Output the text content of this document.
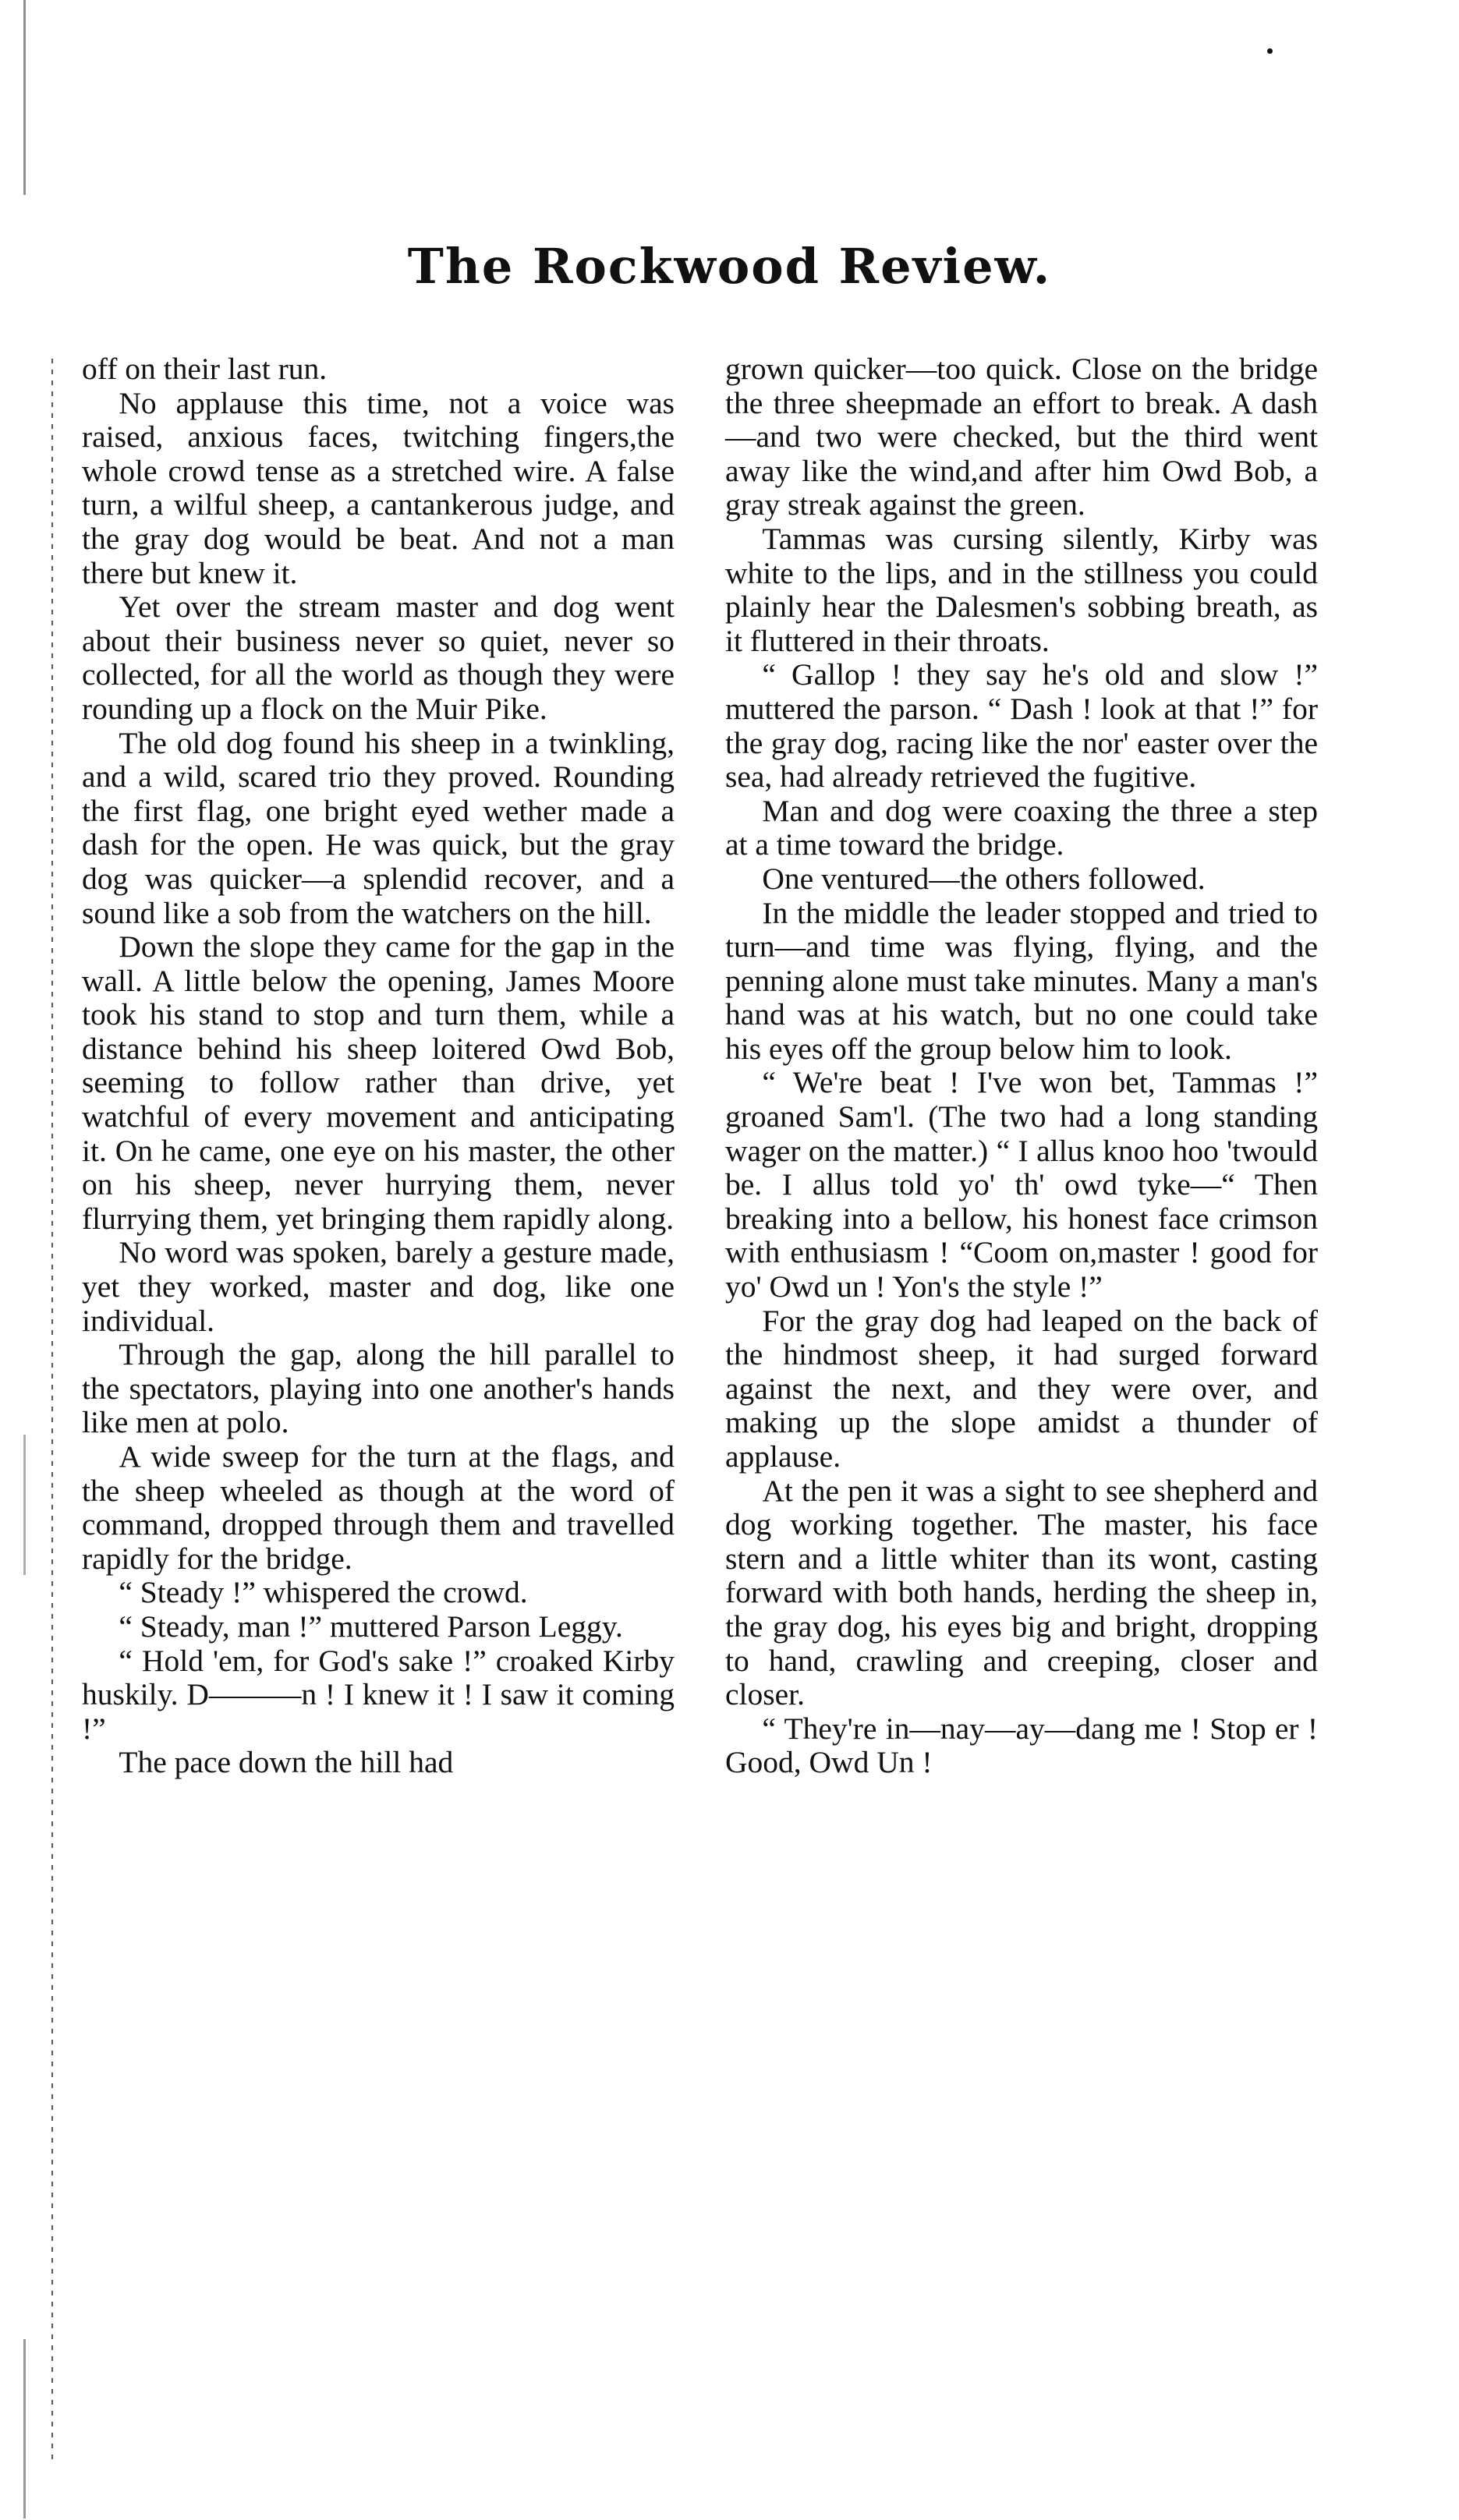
The Rockwood Review.

off on their last run.

No applause this time, not a voice was raised, anxious faces, twitching fingers,the whole crowd tense as a stretched wire. A false turn, a wilful sheep, a cantankerous judge, and the gray dog would be beat. And not a man there but knew it.

Yet over the stream master and dog went about their business never so quiet, never so collected, for all the world as though they were rounding up a flock on the Muir Pike.

The old dog found his sheep in a twinkling, and a wild, scared trio they proved. Rounding the first flag, one bright eyed wether made a dash for the open. He was quick, but the gray dog was quicker—a splendid recover, and a sound like a sob from the watchers on the hill.

Down the slope they came for the gap in the wall. A little below the opening, James Moore took his stand to stop and turn them, while a distance behind his sheep loitered Owd Bob, seeming to follow rather than drive, yet watchful of every movement and anticipating it. On he came, one eye on his master, the other on his sheep, never hurrying them, never flurrying them, yet bringing them rapidly along.

No word was spoken, barely a gesture made, yet they worked, master and dog, like one individual.

Through the gap, along the hill parallel to the spectators, playing into one another's hands like men at polo.

A wide sweep for the turn at the flags, and the sheep wheeled as though at the word of command, dropped through them and travelled rapidly for the bridge.

“ Steady !” whispered the crowd.

“ Steady, man !” muttered Parson Leggy.

“ Hold 'em, for God's sake !” croaked Kirby huskily. D———n ! I knew it ! I saw it coming !”

The pace down the hill had

grown quicker—too quick. Close on the bridge the three sheepmade an effort to break. A dash—and two were checked, but the third went away like the wind,and after him Owd Bob, a gray streak against the green.

Tammas was cursing silently, Kirby was white to the lips, and in the stillness you could plainly hear the Dalesmen's sobbing breath, as it fluttered in their throats.

“ Gallop ! they say he's old and slow !” muttered the parson. “ Dash ! look at that !” for the gray dog, racing like the nor' easter over the sea, had already retrieved the fugitive.

Man and dog were coaxing the three a step at a time toward the bridge.

One ventured—the others followed.

In the middle the leader stopped and tried to turn—and time was flying, flying, and the penning alone must take minutes. Many a man's hand was at his watch, but no one could take his eyes off the group below him to look.

“ We're beat ! I've won bet, Tammas !” groaned Sam'l. (The two had a long standing wager on the matter.) “ I allus knoo hoo 'twould be. I allus told yo' th' owd tyke—“ Then breaking into a bellow, his honest face crimson with enthusiasm ! “Coom on,master ! good for yo' Owd un ! Yon's the style !”

For the gray dog had leaped on the back of the hindmost sheep, it had surged forward against the next, and they were over, and making up the slope amidst a thunder of applause.

At the pen it was a sight to see shepherd and dog working together. The master, his face stern and a little whiter than its wont, casting forward with both hands, herding the sheep in, the gray dog, his eyes big and bright, dropping to hand, crawling and creeping, closer and closer.

“ They're in—nay—ay—dang me ! Stop er ! Good, Owd Un !
